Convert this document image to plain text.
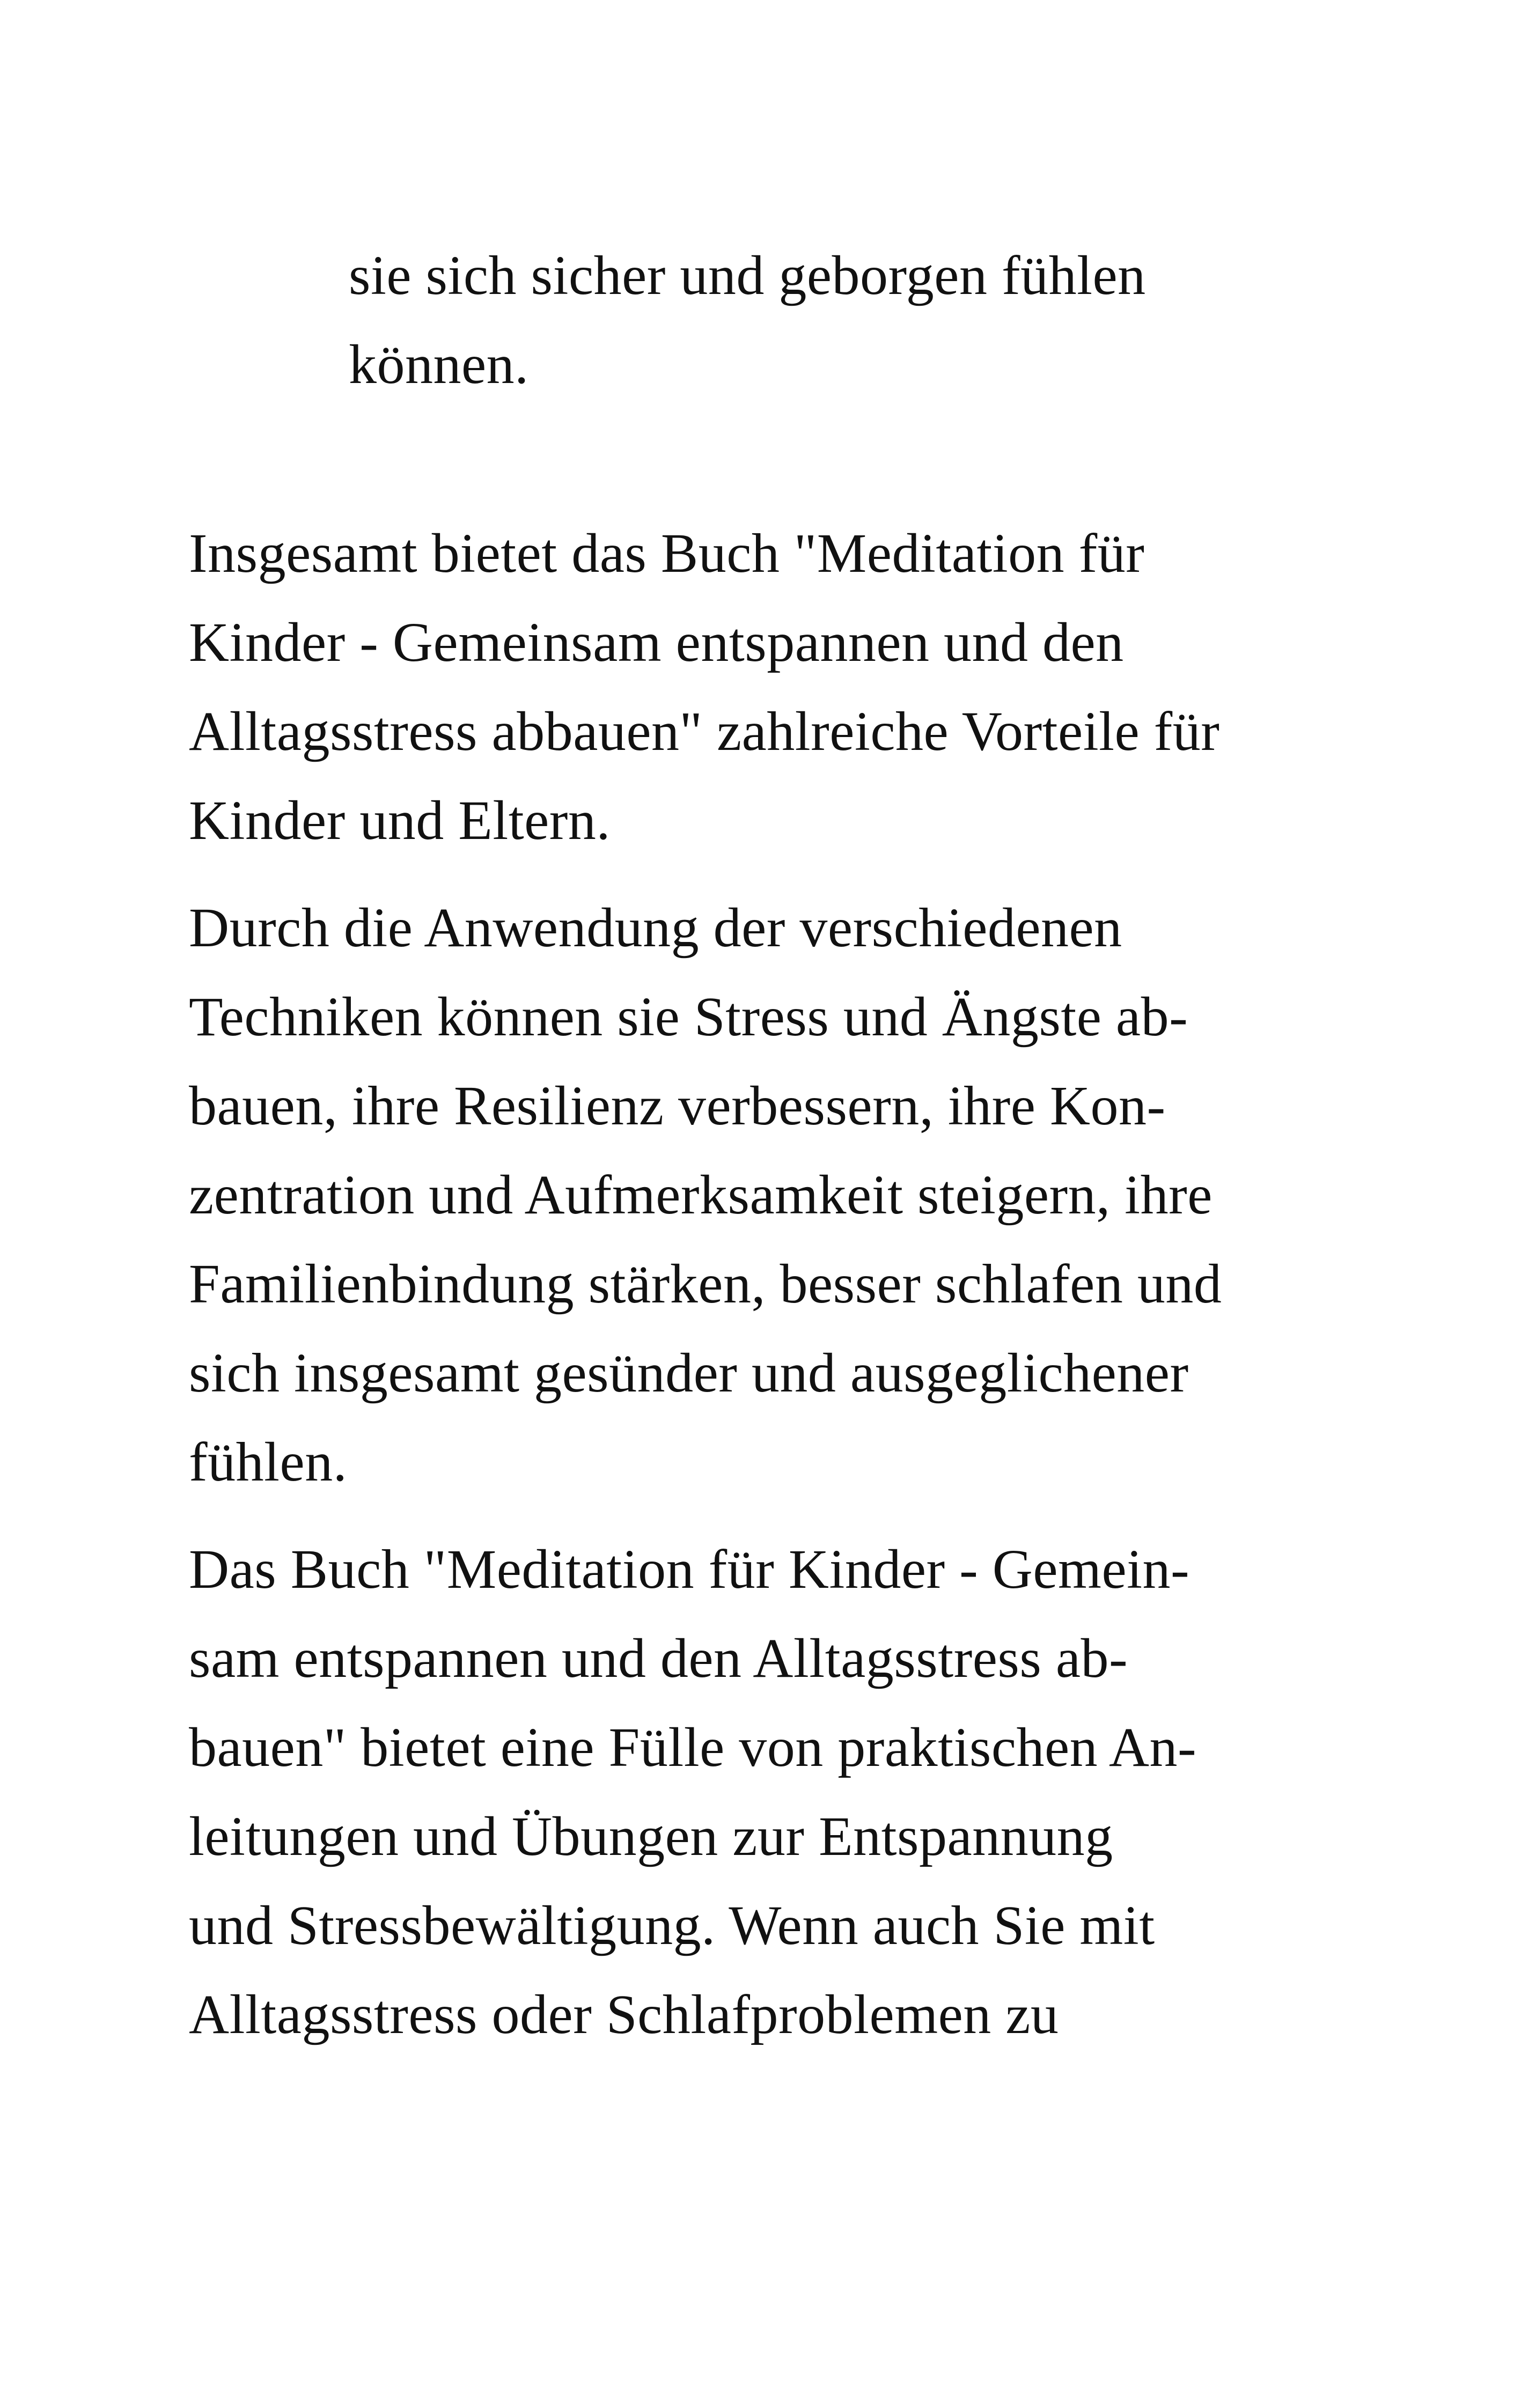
sie sich sicher und geborgen fühlen
können.
Insgesamt bietet das Buch "Meditation für
Kinder - Gemeinsam entspannen und den
Alltagsstress abbauen" zahlreiche Vorteile für
Kinder und Eltern.
Durch die Anwendung der verschiedenen
Techniken können sie Stress und Ängste ab-
bauen, ihre Resilienz verbessern, ihre Kon-
zentration und Aufmerksamkeit steigern, ihre
Familienbindung stärken, besser schlafen und
sich insgesamt gesünder und ausgeglichener
fühlen.
Das Buch "Meditation für Kinder - Gemein-
sam entspannen und den Alltagsstress ab-
bauen" bietet eine Fülle von praktischen An-
leitungen und Übungen zur Entspannung
und Stressbewältigung. Wenn auch Sie mit
Alltagsstress oder Schlafproblemen zu
